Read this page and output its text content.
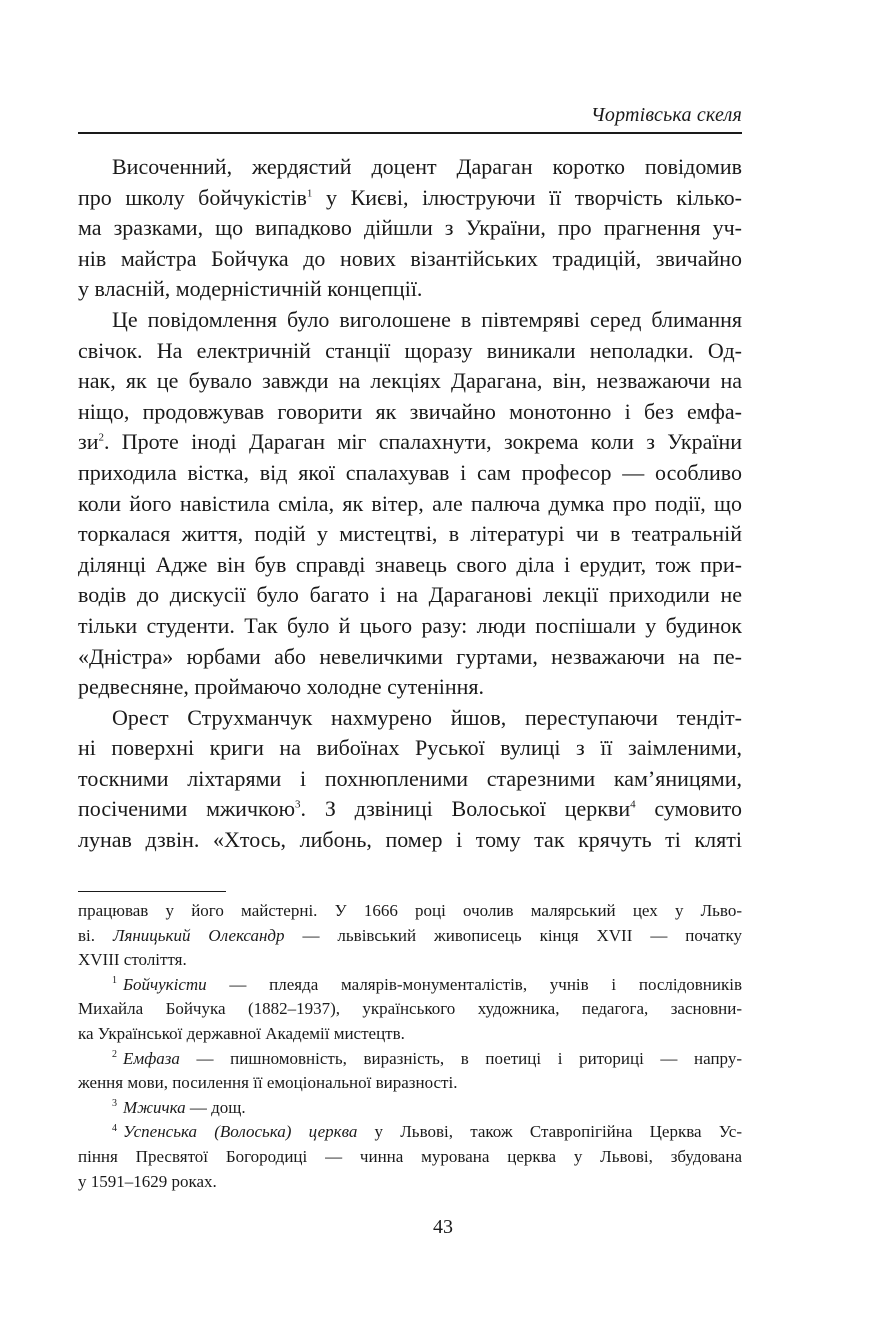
Чортівська скеля

Височенний, жердястий доцент Дараган коротко повідомив
про школу бойчукістів$^1$ у Києві, ілюструючи її творчість кілько-
ма зразками, що випадково дійшли з України, про прагнення уч-
нів майстра Бойчука до нових візантійських традицій, звичайно
у власній, модерністичній концепції.

Це повідомлення було виголошене в півтемряві серед блимання
свічок. На електричній станції щоразу виникали неполадки. Од-
нак, як це бувало завжди на лекціях Дарагана, він, незважаючи на
ніщо, продовжував говорити як звичайно монотонно і без емфа-
$зи^2$. Проте іноді Дараган міг спалахнути, зокрема коли з України
приходила вістка, від якої спалахував і сам професор — особливо
коли його навістила сміла, як вітер, але палюча думка про події, що
торкалася життя, подій у мистецтві, в літературі чи в театральній
ділянці Адже він був справді знавець свого діла і ерудит, тож при-
водів до дискусії було багато і на Дарагановi лекції приходили не
тільки студенти. Так було й цього разу: люди поспішали у будинок
«Дністра» юрбами або невеличкими гуртами, незважаючи на пе-
редвесняне, проймаючо холодне сутеніння.

Орест Струхманчук нахмурено йшов, переступаючи тендіт-
ні поверхні криги на вибоїнах Руської вулиці з її заімленими,
тоскними ліхтарями і похнюпленими старезними кам’яницями,
посіченими мжичкою$^3$. З дзвіниці Волоської церкви$^4$ сумовито
лунав дзвін. «Хтось, либонь, помер і тому так крячуть ті кляті

працював у його майстерні. У 1666 році очолив малярський цех у Льво-
ві. Ляницький Олександр — львівський живописець кінця XVII — початку
XVIII століття.
$^1$ Бойчукісти — плеяда малярів-монументалістів, учнів і послідовників
Михайла Бойчука (1882–1937), українського художника, педагога, засновни-
ка Української державної Академії мистецтв.
$^2$ Емфаза — пишномовність, виразність, в поетиці і риториці — напру-
ження мови, посилення її емоціональної виразності.
$^3$ Мжичка — дощ.
$^4$ Успенська (Волоська) церква у Львові, також Ставропігійна Церква Ус-
піння Пресвятої Богородиці — чинна мурована церква у Львові, збудована
у 1591–1629 роках.
43
